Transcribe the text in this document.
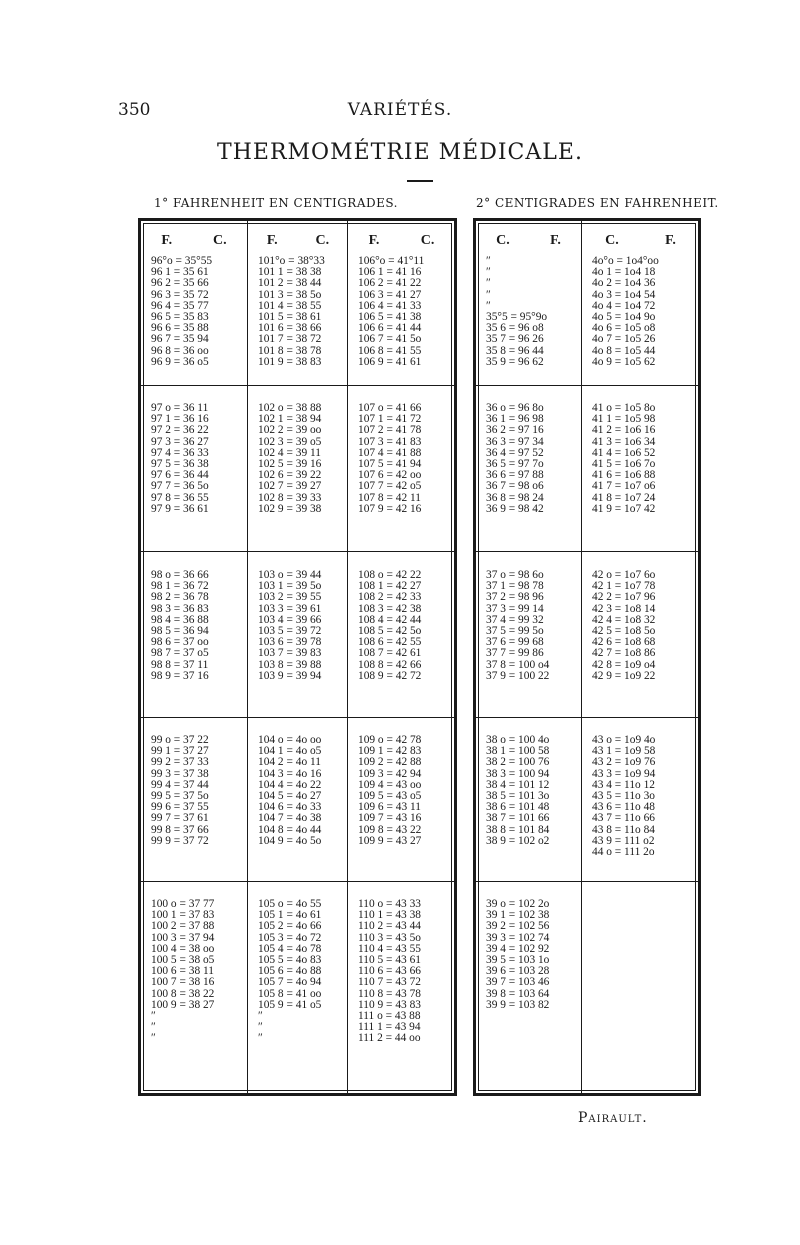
350	VARIÉTÉS.
THERMOMÉTRIE MÉDICALE.
1° FAHRENHEIT EN CENTIGRADES.	2° CENTIGRADES EN FAHRENHEIT.
F.	C.
96°o = 35°55
96 1 = 35 61
96 2 = 35 66
96 3 = 35 72
96 4 = 35 77
96 5 = 35 83
96 6 = 35 88
96 7 = 35 94
96 8 = 36 oo
96 9 = 36 o5
97 o = 36 11
97 1 = 36 16
97 2 = 36 22
97 3 = 36 27
97 4 = 36 33
97 5 = 36 38
97 6 = 36 44
97 7 = 36 5o
97 8 = 36 55
97 9 = 36 61
98 o = 36 66
98 1 = 36 72
98 2 = 36 78
98 3 = 36 83
98 4 = 36 88
98 5 = 36 94
98 6 = 37 oo
98 7 = 37 o5
98 8 = 37 11
98 9 = 37 16
99 o = 37 22
99 1 = 37 27
99 2 = 37 33
99 3 = 37 38
99 4 = 37 44
99 5 = 37 5o
99 6 = 37 55
99 7 = 37 61
99 8 = 37 66
99 9 = 37 72
100 o = 37 77
100 1 = 37 83
100 2 = 37 88
100 3 = 37 94
100 4 = 38 oo
100 5 = 38 o5
100 6 = 38 11
100 7 = 38 16
100 8 = 38 22
100 9 = 38 27
″
″
″
F.	C.
101°o = 38°33
101 1 = 38 38
101 2 = 38 44
101 3 = 38 5o
101 4 = 38 55
101 5 = 38 61
101 6 = 38 66
101 7 = 38 72
101 8 = 38 78
101 9 = 38 83
102 o = 38 88
102 1 = 38 94
102 2 = 39 oo
102 3 = 39 o5
102 4 = 39 11
102 5 = 39 16
102 6 = 39 22
102 7 = 39 27
102 8 = 39 33
102 9 = 39 38
103 o = 39 44
103 1 = 39 5o
103 2 = 39 55
103 3 = 39 61
103 4 = 39 66
103 5 = 39 72
103 6 = 39 78
103 7 = 39 83
103 8 = 39 88
103 9 = 39 94
104 o = 4o oo
104 1 = 4o o5
104 2 = 4o 11
104 3 = 4o 16
104 4 = 4o 22
104 5 = 4o 27
104 6 = 4o 33
104 7 = 4o 38
104 8 = 4o 44
104 9 = 4o 5o
105 o = 4o 55
105 1 = 4o 61
105 2 = 4o 66
105 3 = 4o 72
105 4 = 4o 78
105 5 = 4o 83
105 6 = 4o 88
105 7 = 4o 94
105 8 = 41 oo
105 9 = 41 o5
″
″
″
F.	C.
106°o = 41°11
106 1 = 41 16
106 2 = 41 22
106 3 = 41 27
106 4 = 41 33
106 5 = 41 38
106 6 = 41 44
106 7 = 41 5o
106 8 = 41 55
106 9 = 41 61
107 o = 41 66
107 1 = 41 72
107 2 = 41 78
107 3 = 41 83
107 4 = 41 88
107 5 = 41 94
107 6 = 42 oo
107 7 = 42 o5
107 8 = 42 11
107 9 = 42 16
108 o = 42 22
108 1 = 42 27
108 2 = 42 33
108 3 = 42 38
108 4 = 42 44
108 5 = 42 5o
108 6 = 42 55
108 7 = 42 61
108 8 = 42 66
108 9 = 42 72
109 o = 42 78
109 1 = 42 83
109 2 = 42 88
109 3 = 42 94
109 4 = 43 oo
109 5 = 43 o5
109 6 = 43 11
109 7 = 43 16
109 8 = 43 22
109 9 = 43 27
110 o = 43 33
110 1 = 43 38
110 2 = 43 44
110 3 = 43 5o
110 4 = 43 55
110 5 = 43 61
110 6 = 43 66
110 7 = 43 72
110 8 = 43 78
110 9 = 43 83
111 o = 43 88
111 1 = 43 94
111 2 = 44 oo
C.	F.
″
″
″
″
″
35°5 = 95°9o
35 6 = 96 o8
35 7 = 96 26
35 8 = 96 44
35 9 = 96 62
36 o = 96 8o
36 1 = 96 98
36 2 = 97 16
36 3 = 97 34
36 4 = 97 52
36 5 = 97 7o
36 6 = 97 88
36 7 = 98 o6
36 8 = 98 24
36 9 = 98 42
37 o = 98 6o
37 1 = 98 78
37 2 = 98 96
37 3 = 99 14
37 4 = 99 32
37 5 = 99 5o
37 6 = 99 68
37 7 = 99 86
37 8 = 100 o4
37 9 = 100 22
38 o = 100 4o
38 1 = 100 58
38 2 = 100 76
38 3 = 100 94
38 4 = 101 12
38 5 = 101 3o
38 6 = 101 48
38 7 = 101 66
38 8 = 101 84
38 9 = 102 o2
39 o = 102 2o
39 1 = 102 38
39 2 = 102 56
39 3 = 102 74
39 4 = 102 92
39 5 = 103 1o
39 6 = 103 28
39 7 = 103 46
39 8 = 103 64
39 9 = 103 82
C.	F.
4o°o = 1o4°oo
4o 1 = 1o4 18
4o 2 = 1o4 36
4o 3 = 1o4 54
4o 4 = 1o4 72
4o 5 = 1o4 9o
4o 6 = 1o5 o8
4o 7 = 1o5 26
4o 8 = 1o5 44
4o 9 = 1o5 62
41 o = 1o5 8o
41 1 = 1o5 98
41 2 = 1o6 16
41 3 = 1o6 34
41 4 = 1o6 52
41 5 = 1o6 7o
41 6 = 1o6 88
41 7 = 1o7 o6
41 8 = 1o7 24
41 9 = 1o7 42
42 o = 1o7 6o
42 1 = 1o7 78
42 2 = 1o7 96
42 3 = 1o8 14
42 4 = 1o8 32
42 5 = 1o8 5o
42 6 = 1o8 68
42 7 = 1o8 86
42 8 = 1o9 o4
42 9 = 1o9 22
43 o = 1o9 4o
43 1 = 1o9 58
43 2 = 1o9 76
43 3 = 1o9 94
43 4 = 11o 12
43 5 = 11o 3o
43 6 = 11o 48
43 7 = 11o 66
43 8 = 11o 84
43 9 = 111 o2
44 o = 111 2o
Pairault.
